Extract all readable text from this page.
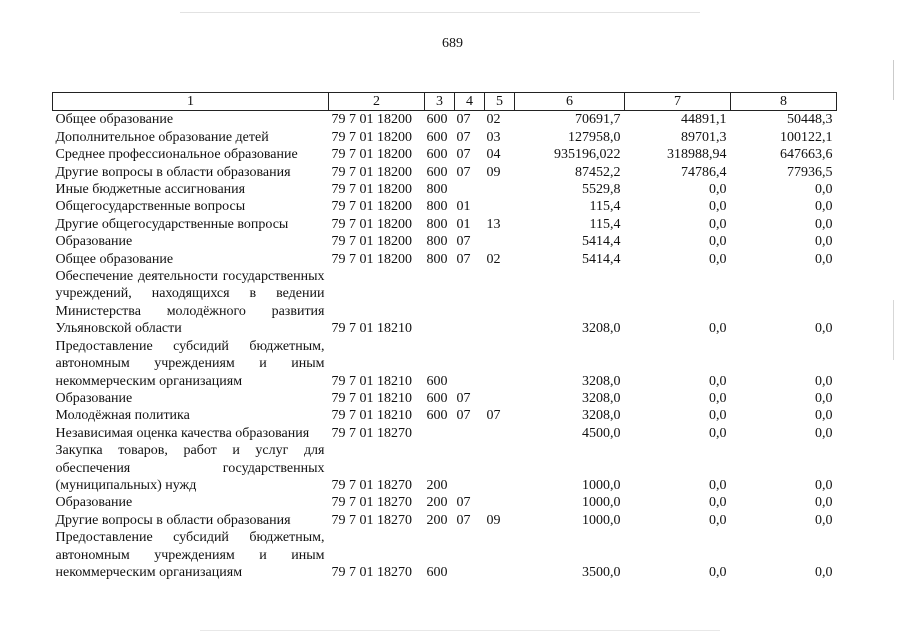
689
1	2	3	4	5	6	7	8
Общее образование	79 7 01 18200	600	07	02	70691,7	44891,1	50448,3
Дополнительное образование детей	79 7 01 18200	600	07	03	127958,0	89701,3	100122,1
Среднее профессиональное образование	79 7 01 18200	600	07	04	935196,022	318988,94	647663,6
Другие вопросы в области образования	79 7 01 18200	600	07	09	87452,2	74786,4	77936,5
Иные бюджетные ассигнования	79 7 01 18200	800			5529,8	0,0	0,0
Общегосударственные вопросы	79 7 01 18200	800	01		115,4	0,0	0,0
Другие общегосударственные вопросы	79 7 01 18200	800	01	13	115,4	0,0	0,0
Образование	79 7 01 18200	800	07		5414,4	0,0	0,0
Общее образование	79 7 01 18200	800	07	02	5414,4	0,0	0,0
Обеспечение деятельности государственных учреждений, находящихся в ведении Министерства молодёжного развития Ульяновской области	79 7 01 18210				3208,0	0,0	0,0
Предоставление субсидий бюджетным, автономным учреждениям и иным некоммерческим организациям	79 7 01 18210	600			3208,0	0,0	0,0
Образование	79 7 01 18210	600	07		3208,0	0,0	0,0
Молодёжная политика	79 7 01 18210	600	07	07	3208,0	0,0	0,0
Независимая оценка качества образования	79 7 01 18270				4500,0	0,0	0,0
Закупка товаров, работ и услуг для обеспечения государственных (муниципальных) нужд	79 7 01 18270	200			1000,0	0,0	0,0
Образование	79 7 01 18270	200	07		1000,0	0,0	0,0
Другие вопросы в области образования	79 7 01 18270	200	07	09	1000,0	0,0	0,0
Предоставление субсидий бюджетным, автономным учреждениям и иным некоммерческим организациям	79 7 01 18270	600			3500,0	0,0	0,0
